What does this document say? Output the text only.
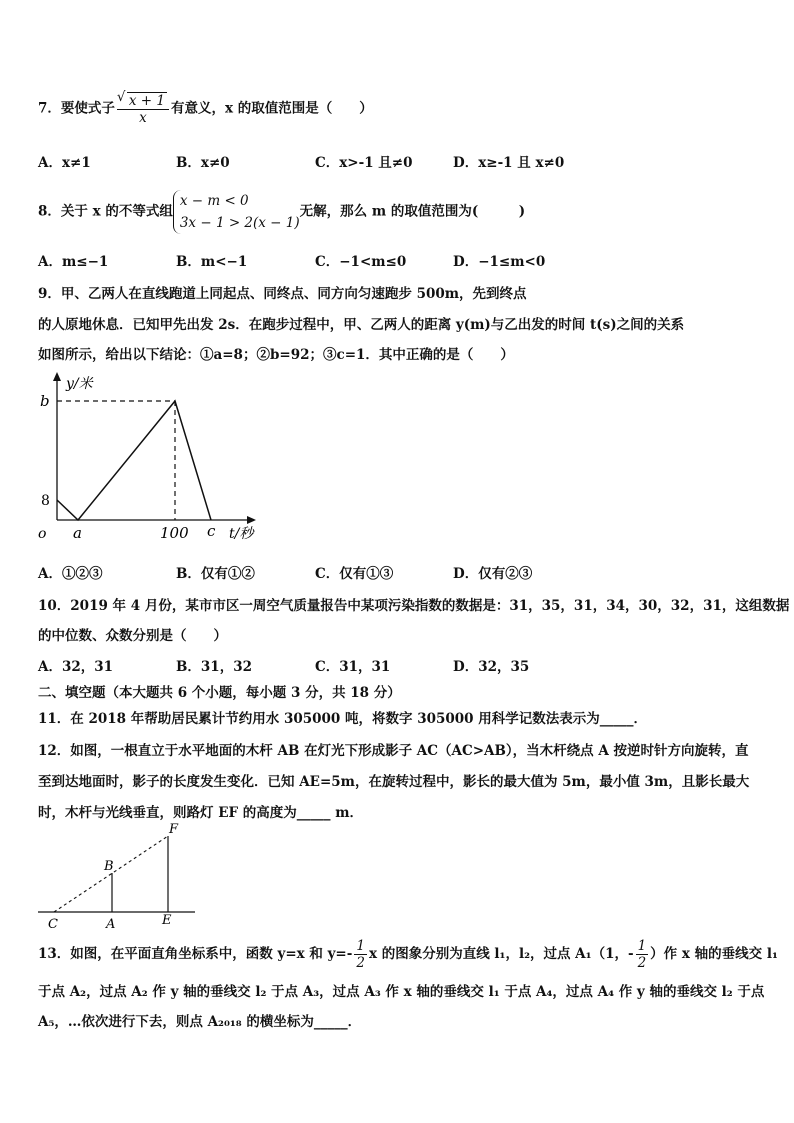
7．要使式子
√ $\frac{x + 1}{x}$ 有意义，x 的取值范围是（　　）
A．x≠1	B．x≠0	C．x>-1 且≠0	D．x≥-1 且 x≠0
8．关于 x 的不等式组
x − m < 0
3x − 1 > 2(x − 1)
无解，那么 m 的取值范围为(　　　)
A．m≤−1	B．m<−1	C．−1<m≤0	D．−1≤m<0
9．甲、乙两人在直线跑道上同起点、同终点、同方向匀速跑步 500m，先到终点
的人原地休息．已知甲先出发 2s．在跑步过程中，甲、乙两人的距离 y(m)与乙出发的时间 t(s)之间的关系
如图所示，给出以下结论：①a=8；②b=92；③c=1．其中正确的是（　　）
y/米
b
8
o a	100 c t/秒
A．①②③	B．仅有①②	C．仅有①③	D．仅有②③
10．2019 年 4 月份，某市市区一周空气质量报告中某项污染指数的数据是：31，35，31，34，30，32，31，这组数据
的中位数、众数分别是（　　）
A．32，31	B．31，32	C．31，31	D．32，35
二、填空题（本大题共 6 个小题，每小题 3 分，共 18 分）
11．在 2018 年帮助居民累计节约用水 305000 吨，将数字 305000 用科学记数法表示为_____．
12．如图，一根直立于水平地面的木杆 AB 在灯光下形成影子 AC（AC>AB），当木杆绕点 A 按逆时针方向旋转，直
至到达地面时，影子的长度发生变化．已知 AE=5m，在旋转过程中，影长的最大值为 5m，最小值 3m，且影长最大
时，木杆与光线垂直，则路灯 EF 的高度为_____ m．
C	A	E
B
F
13．如图，在平面直角坐标系中，函数 y=x 和 $y=- \frac{1}{2}$ x 的图象分别为直线 l₁，l₂，过点 A₁（1，- $\frac{1}{2}$ ）作 x 轴的垂线交 l₁
于点 A₂，过点 A₂ 作 y 轴的垂线交 l₂ 于点 A₃，过点 A₃ 作 x 轴的垂线交 l₁ 于点 A₄，过点 A₄ 作 y 轴的垂线交 l₂ 于点
A₅，…依次进行下去，则点 A₂₀₁₈ 的横坐标为_____．
